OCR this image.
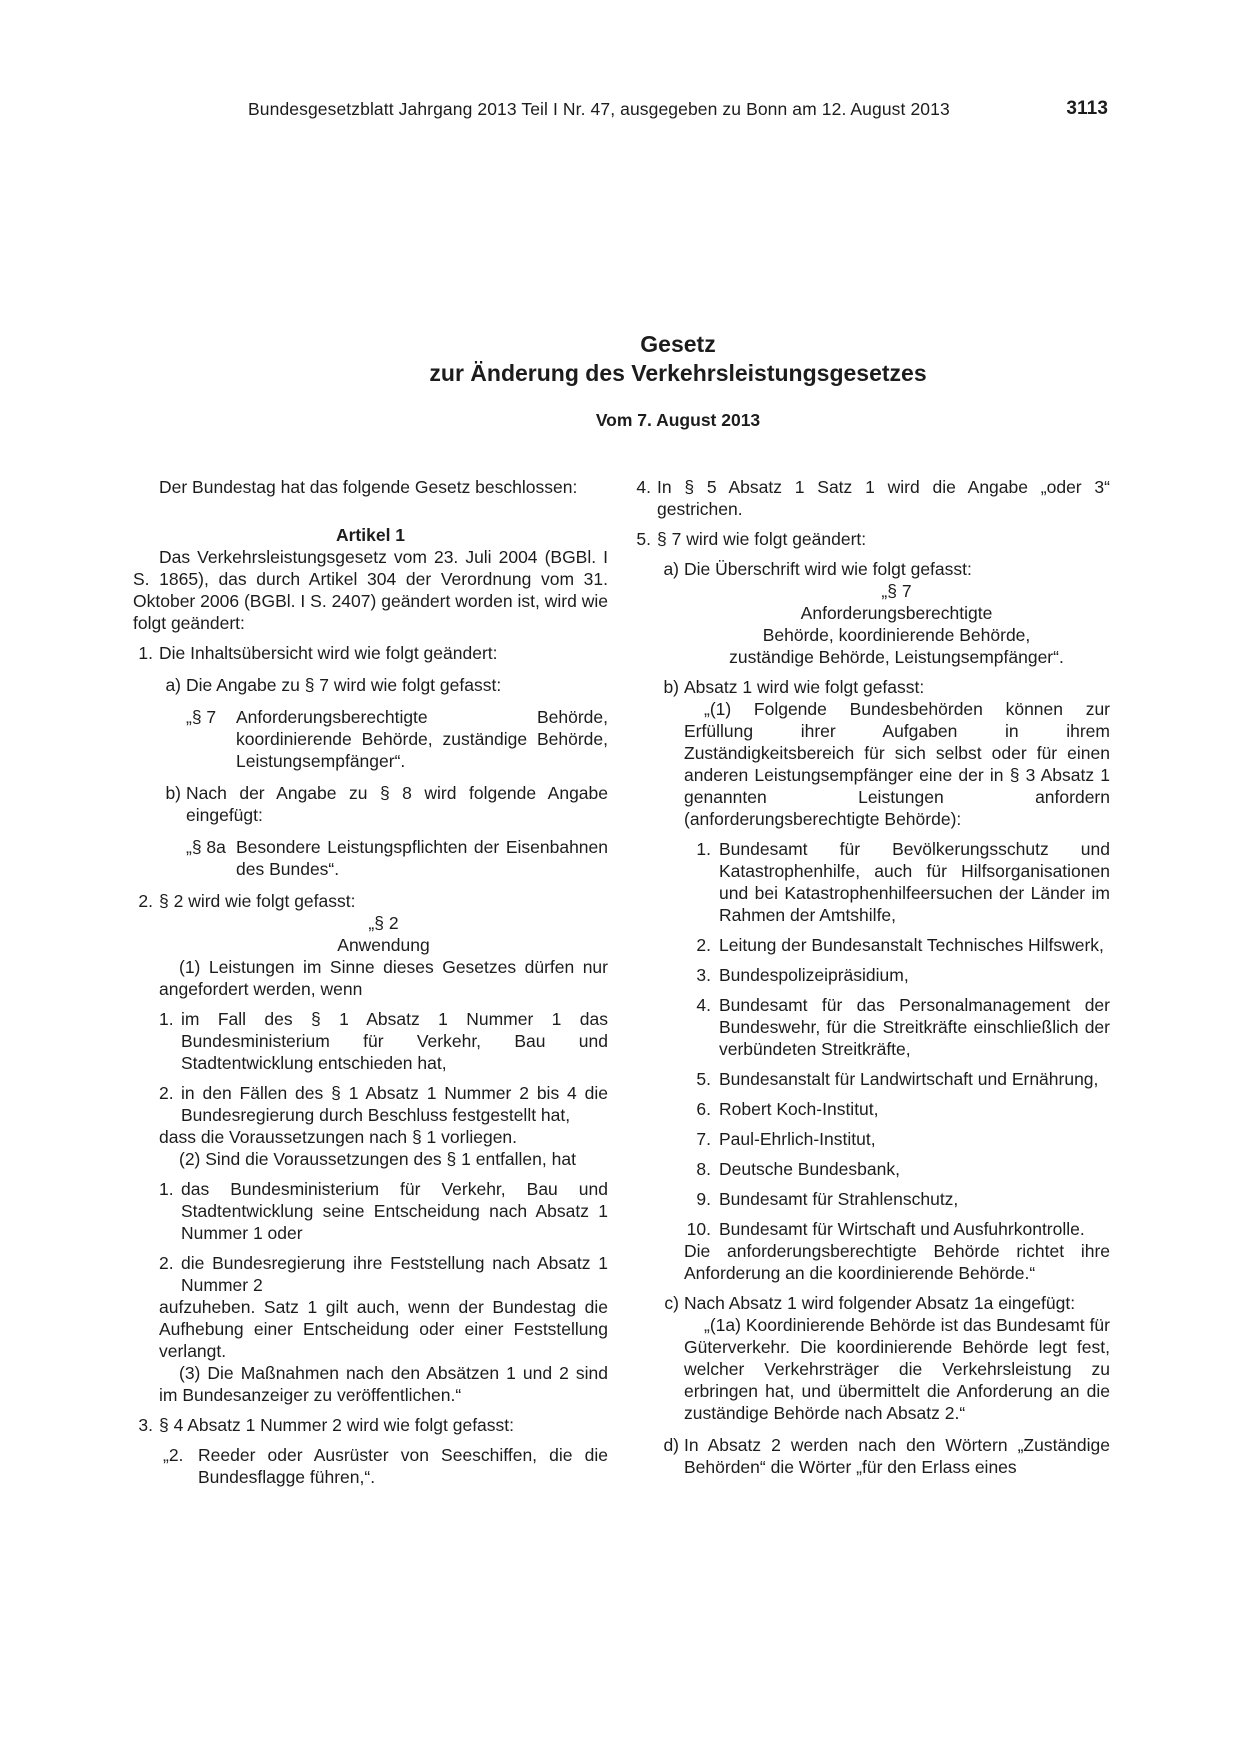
Bundesgesetzblatt Jahrgang 2013 Teil I Nr. 47, ausgegeben zu Bonn am 12. August 2013	3113
Gesetz
zur Änderung des Verkehrsleistungsgesetzes
Vom 7. August 2013

Der Bundestag hat das folgende Gesetz beschlossen:

Artikel 1

Das Verkehrsleistungsgesetz vom 23. Juli 2004 (BGBl. I S. 1865), das durch Artikel 304 der Verordnung vom 31. Oktober 2006 (BGBl. I S. 2407) geändert worden ist, wird wie folgt geändert:

1. Die Inhaltsübersicht wird wie folgt geändert:
a) Die Angabe zu § 7 wird wie folgt gefasst:
„§ 7	Anforderungsberechtigte Behörde, koordinierende Behörde, zuständige Behörde, Leistungsempfänger“.
b) Nach der Angabe zu § 8 wird folgende Angabe eingefügt:
„§ 8a Besondere Leistungspflichten der Eisenbahnen des Bundes“.
2. § 2 wird wie folgt gefasst:

„§ 2

Anwendung

(1) Leistungen im Sinne dieses Gesetzes dürfen nur angefordert werden, wenn

1. im Fall des § 1 Absatz 1 Nummer 1 das Bundesministerium für Verkehr, Bau und Stadtentwicklung entschieden hat,
2. in den Fällen des § 1 Absatz 1 Nummer 2 bis 4 die Bundesregierung durch Beschluss festgestellt hat,

dass die Voraussetzungen nach § 1 vorliegen.

(2) Sind die Voraussetzungen des § 1 entfallen, hat

1. das Bundesministerium für Verkehr, Bau und Stadtentwicklung seine Entscheidung nach Absatz 1 Nummer 1 oder
2. die Bundesregierung ihre Feststellung nach Absatz 1 Nummer 2

aufzuheben. Satz 1 gilt auch, wenn der Bundestag die Aufhebung einer Entscheidung oder einer Feststellung verlangt.

(3) Die Maßnahmen nach den Absätzen 1 und 2 sind im Bundesanzeiger zu veröffentlichen.“

3. § 4 Absatz 1 Nummer 2 wird wie folgt gefasst:
„2. Reeder oder Ausrüster von Seeschiffen, die die Bundesflagge führen,“.
4. In § 5 Absatz 1 Satz 1 wird die Angabe „oder 3“ gestrichen.
5. § 7 wird wie folgt geändert:
a) Die Überschrift wird wie folgt gefasst:

„§ 7

Anforderungsberechtigte

Behörde, koordinierende Behörde,

zuständige Behörde, Leistungsempfänger“.

b) Absatz 1 wird wie folgt gefasst:

„(1) Folgende Bundesbehörden können zur Erfüllung ihrer Aufgaben in ihrem Zuständigkeitsbereich für sich selbst oder für einen anderen Leistungsempfänger eine der in § 3 Absatz 1 genannten Leistungen anfordern (anforderungsberechtigte Behörde):

1. Bundesamt für Bevölkerungsschutz und Katastrophenhilfe, auch für Hilfsorganisationen und bei Katastrophenhilfeersuchen der Länder im Rahmen der Amtshilfe,
2. Leitung der Bundesanstalt Technisches Hilfswerk,
3. Bundespolizeipräsidium,
4. Bundesamt für das Personalmanagement der Bundeswehr, für die Streitkräfte einschließlich der verbündeten Streitkräfte,
5. Bundesanstalt für Landwirtschaft und Ernährung,
6. Robert Koch-Institut,
7. Paul-Ehrlich-Institut,
8. Deutsche Bundesbank,
9. Bundesamt für Strahlenschutz,
10. Bundesamt für Wirtschaft und Ausfuhrkontrolle.

Die anforderungsberechtigte Behörde richtet ihre Anforderung an die koordinierende Behörde.“

c) Nach Absatz 1 wird folgender Absatz 1a eingefügt:

„(1a) Koordinierende Behörde ist das Bundesamt für Güterverkehr. Die koordinierende Behörde legt fest, welcher Verkehrsträger die Verkehrsleistung zu erbringen hat, und übermittelt die Anforderung an die zuständige Behörde nach Absatz 2.“

d) In Absatz 2 werden nach den Wörtern „Zuständige Behörden“ die Wörter „für den Erlass eines
